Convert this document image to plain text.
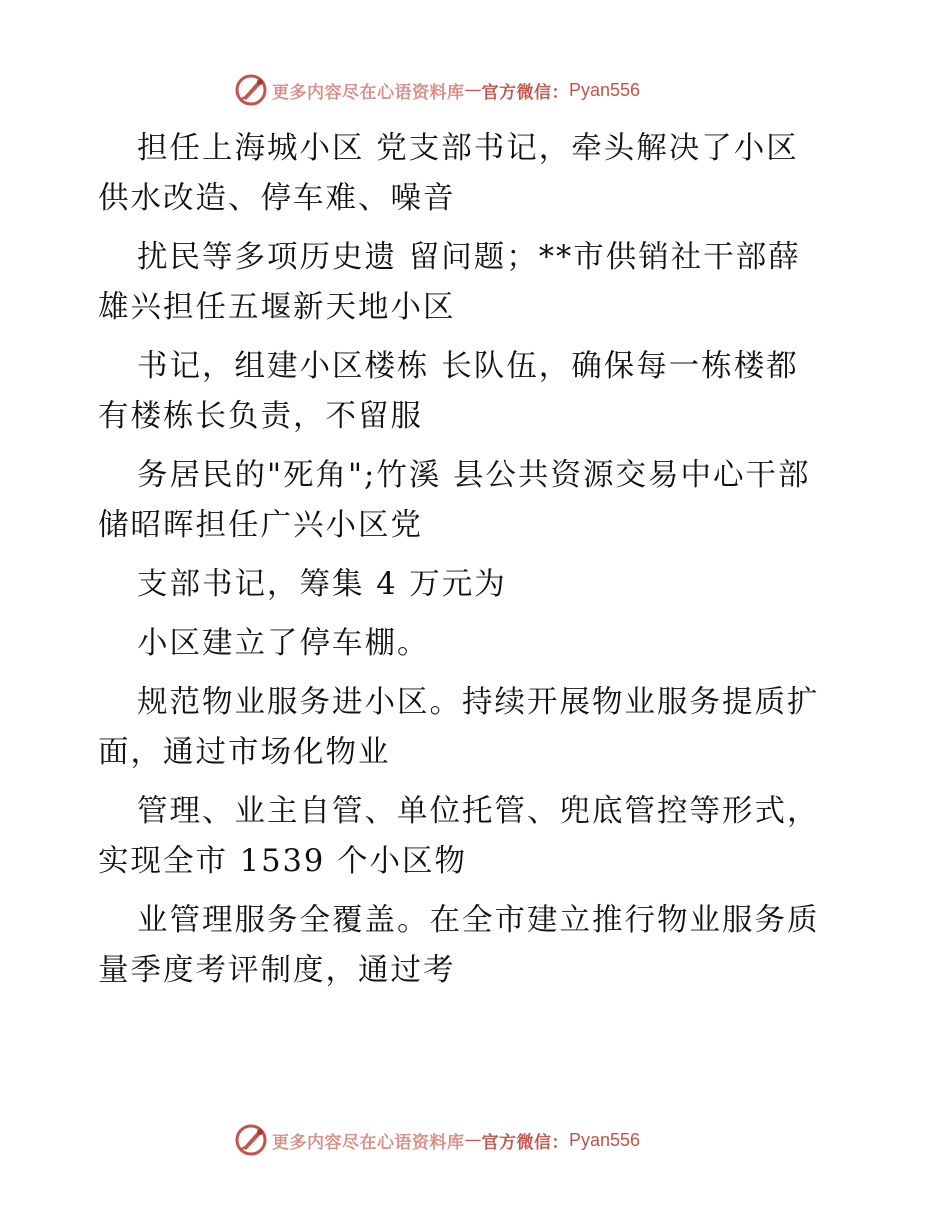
更多内容尽在心语资料库 — 官方微信： Pyan556
担任上海城小区 党支部书记，牵头解决了小区
供水改造、停车难、噪音
扰民等多项历史遗 留问题；**市供销社干部薛
雄兴担任五堰新天地小区
书记，组建小区楼栋 长队伍，确保每一栋楼都
有楼栋长负责，不留服
务居民的"死角";竹溪 县公共资源交易中心干部
储昭晖担任广兴小区党
支部书记，筹集 4 万元为
小区建立了停车棚。
规范物业服务进小区。持续开展物业服务提质扩
面，通过市场化物业
管理、业主自管、单位托管、兜底管控等形式，
实现全市 1539 个小区物
业管理服务全覆盖。在全市建立推行物业服务质
量季度考评制度，通过考
更多内容尽在心语资料库 — 官方微信： Pyan556
